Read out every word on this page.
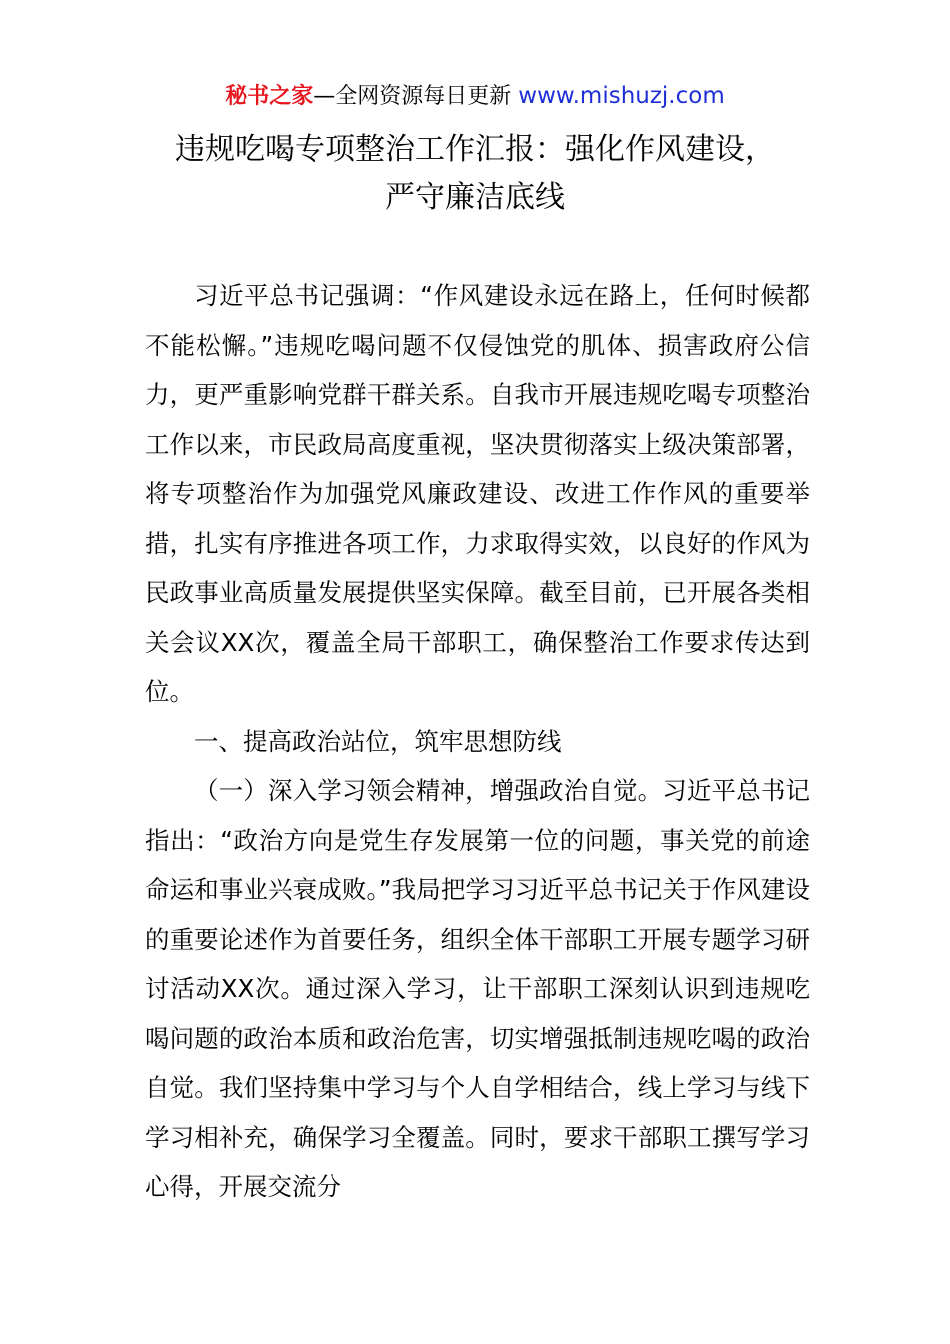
秘书之家—全网资源每日更新 www.mishuzj.com
违规吃喝专项整治工作汇报：强化作风建设，
严守廉洁底线

习近平总书记强调：“作风建设永远在路上，任何时候都不能松懈。”违规吃喝问题不仅侵蚀党的肌体、损害政府公信力，更严重影响党群干群关系。自我市开展违规吃喝专项整治工作以来，市民政局高度重视，坚决贯彻落实上级决策部署，将专项整治作为加强党风廉政建设、改进工作作风的重要举措，扎实有序推进各项工作，力求取得实效，以良好的作风为民政事业高质量发展提供坚实保障。截至目前，已开展各类相关会议XX次，覆盖全局干部职工，确保整治工作要求传达到位。

一、提高政治站位，筑牢思想防线

（一）深入学习领会精神，增强政治自觉。习近平总书记指出：“政治方向是党生存发展第一位的问题，事关党的前途命运和事业兴衰成败。”我局把学习习近平总书记关于作风建设的重要论述作为首要任务，组织全体干部职工开展专题学习研讨活动XX次。通过深入学习，让干部职工深刻认识到违规吃喝问题的政治本质和政治危害，切实增强抵制违规吃喝的政治自觉。我们坚持集中学习与个人自学相结合，线上学习与线下学习相补充，确保学习全覆盖。同时，要求干部职工撰写学习心得，开展交流分
